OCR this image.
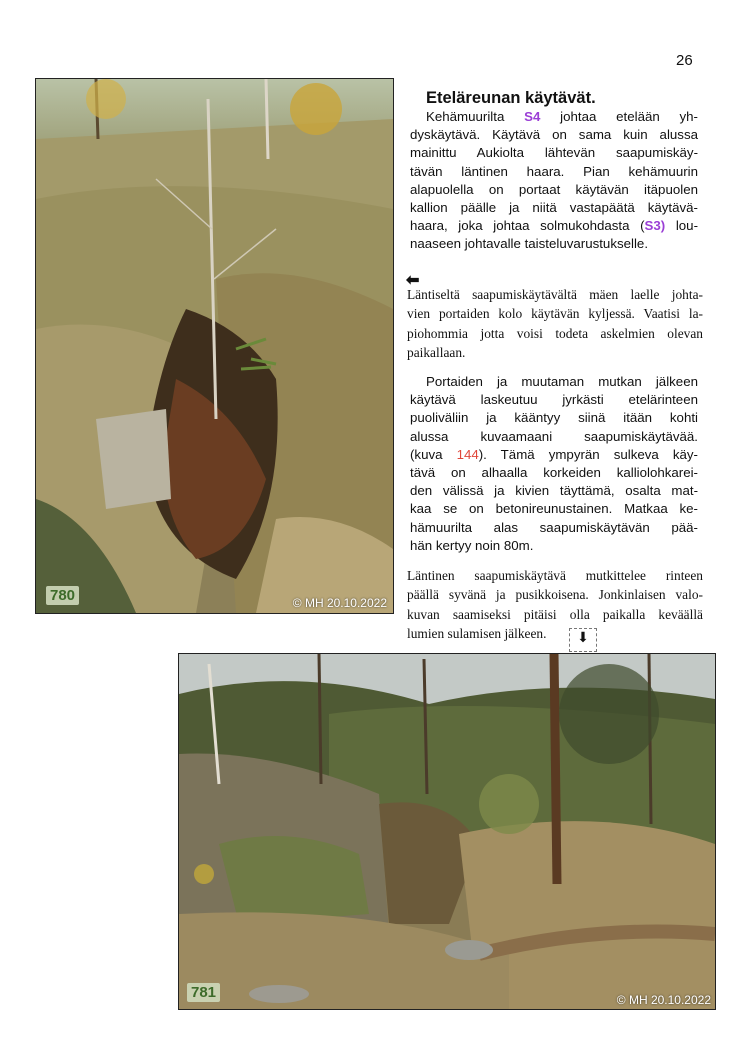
26
780	© MH 20.10.2022
Eteläreunan käytävät.
Kehämuurilta S4 johtaa etelään yh-
dyskäytävä. Käytävä on sama kuin alussa
mainittu Aukiolta lähtevän saapumiskäy-
tävän läntinen haara. Pian kehämuurin
alapuolella on portaat käytävän itäpuolen
kallion päälle ja niitä vastapäätä käytävä-
haara, joka johtaa solmukohdasta (S3) lou-
naaseen johtavalle taisteluvarustukselle.
⬅
Läntiseltä saapumiskäytävältä mäen laelle johta-
vien portaiden kolo käytävän kyljessä. Vaatisi la-
piohommia jotta voisi todeta askelmien olevan
paikallaan.
Portaiden ja muutaman mutkan jälkeen
käytävä laskeutuu jyrkästi etelärinteen
puoliväliin ja kääntyy siinä itään kohti
alussa kuvaamaani saapumiskäytävää.
(kuva 144). Tämä ympyrän sulkeva käy-
tävä on alhaalla korkeiden kalliolohkarei-
den välissä ja kivien täyttämä, osalta mat-
kaa se on betonireunustainen. Matkaa ke-
hämuurilta alas saapumiskäytävän pää-
hän kertyy noin 80m.
Läntinen saapumiskäytävä mutkittelee rinteen
päällä syvänä ja pusikkoisena. Jonkinlaisen valo-
kuvan saamiseksi pitäisi olla paikalla keväällä
lumien sulamisen jälkeen.	⬇
781	© MH 20.10.2022
